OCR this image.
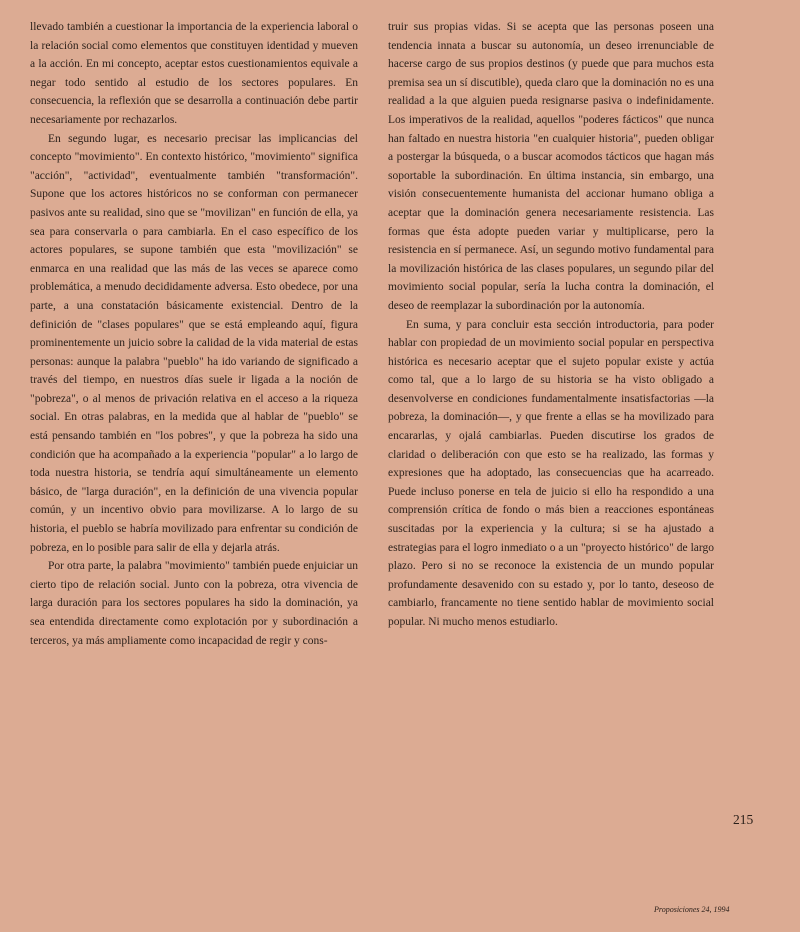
llevado también a cuestionar la importancia de la experiencia laboral o la relación social como elementos que constituyen identidad y mueven a la acción. En mi concepto, aceptar estos cuestionamientos equivale a negar todo sentido al estudio de los sectores populares. En consecuencia, la reflexión que se desarrolla a continuación debe partir necesariamente por rechazarlos.

En segundo lugar, es necesario precisar las implicancias del concepto "movimiento". En contexto histórico, "movimiento" significa "acción", "actividad", eventualmente también "transformación". Supone que los actores históricos no se conforman con permanecer pasivos ante su realidad, sino que se "movilizan" en función de ella, ya sea para conservarla o para cambiarla. En el caso específico de los actores populares, se supone también que esta "movilización" se enmarca en una realidad que las más de las veces se aparece como problemática, a menudo decididamente adversa. Esto obedece, por una parte, a una constatación básicamente existencial. Dentro de la definición de "clases populares" que se está empleando aquí, figura prominentemente un juicio sobre la calidad de la vida material de estas personas: aunque la palabra "pueblo" ha ido variando de significado a través del tiempo, en nuestros días suele ir ligada a la noción de "pobreza", o al menos de privación relativa en el acceso a la riqueza social. En otras palabras, en la medida que al hablar de "pueblo" se está pensando también en "los pobres", y que la pobreza ha sido una condición que ha acompañado a la experiencia "popular" a lo largo de toda nuestra historia, se tendría aquí simultáneamente un elemento básico, de "larga duración", en la definición de una vivencia popular común, y un incentivo obvio para movilizarse. A lo largo de su historia, el pueblo se habría movilizado para enfrentar su condición de pobreza, en lo posible para salir de ella y dejarla atrás.

Por otra parte, la palabra "movimiento" también puede enjuiciar un cierto tipo de relación social. Junto con la pobreza, otra vivencia de larga duración para los sectores populares ha sido la dominación, ya sea entendida directamente como explotación por y subordinación a terceros, ya más ampliamente como incapacidad de regir y cons-

truir sus propias vidas. Si se acepta que las personas poseen una tendencia innata a buscar su autonomía, un deseo irrenunciable de hacerse cargo de sus propios destinos (y puede que para muchos esta premisa sea un sí discutible), queda claro que la dominación no es una realidad a la que alguien pueda resignarse pasiva o indefinidamente. Los imperativos de la realidad, aquellos "poderes fácticos" que nunca han faltado en nuestra historia "en cualquier historia", pueden obligar a postergar la búsqueda, o a buscar acomodos tácticos que hagan más soportable la subordinación. En última instancia, sin embargo, una visión consecuentemente humanista del accionar humano obliga a aceptar que la dominación genera necesariamente resistencia. Las formas que ésta adopte pueden variar y multiplicarse, pero la resistencia en sí permanece. Así, un segundo motivo fundamental para la movilización histórica de las clases populares, un segundo pilar del movimiento social popular, sería la lucha contra la dominación, el deseo de reemplazar la subordinación por la autonomía.

En suma, y para concluir esta sección introductoria, para poder hablar con propiedad de un movimiento social popular en perspectiva histórica es necesario aceptar que el sujeto popular existe y actúa como tal, que a lo largo de su historia se ha visto obligado a desenvolverse en condiciones fundamentalmente insatisfactorias —la pobreza, la dominación—, y que frente a ellas se ha movilizado para encararlas, y ojalá cambiarlas. Pueden discutirse los grados de claridad o deliberación con que esto se ha realizado, las formas y expresiones que ha adoptado, las consecuencias que ha acarreado. Puede incluso ponerse en tela de juicio si ello ha respondido a una comprensión crítica de fondo o más bien a reacciones espontáneas suscitadas por la experiencia y la cultura; si se ha ajustado a estrategias para el logro inmediato o a un "proyecto histórico" de largo plazo. Pero si no se reconoce la existencia de un mundo popular profundamente desavenido con su estado y, por lo tanto, deseoso de cambiarlo, francamente no tiene sentido hablar de movimiento social popular. Ni mucho menos estudiarlo.

215
Proposiciones 24, 1994
